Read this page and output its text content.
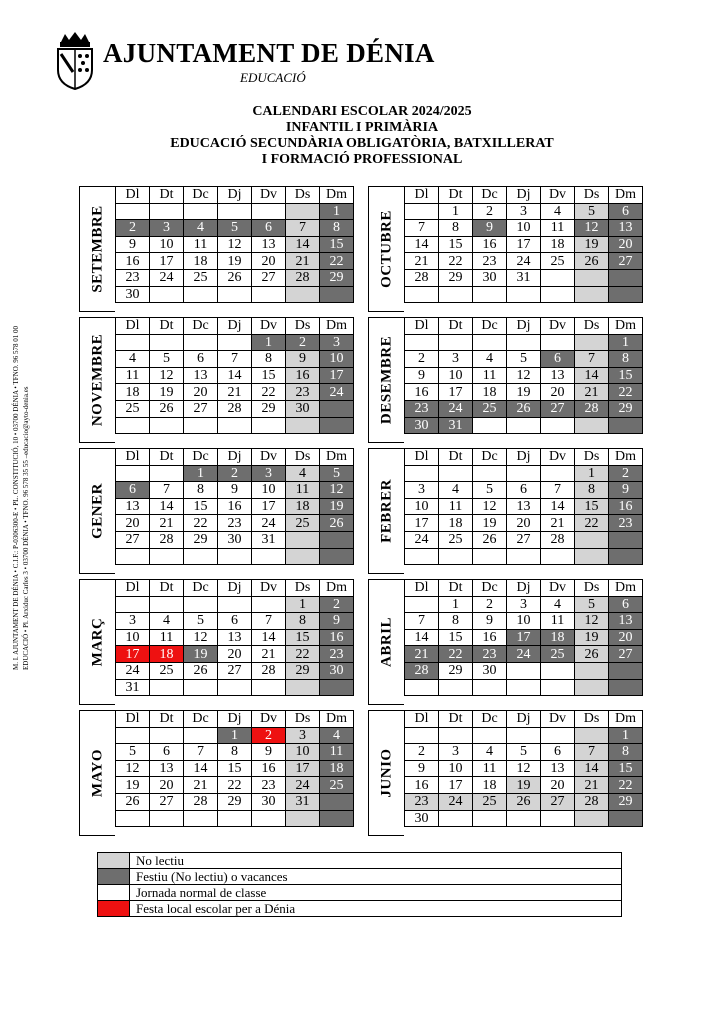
AJUNTAMENT DE DÉNIA
EDUCACIÓ
CALENDARI ESCOLAR 2024/2025
INFANTIL I PRIMÀRIA
EDUCACIÓ SECUNDÀRIA OBLIGATÒRIA, BATXILLERAT
I FORMACIÓ PROFESSIONAL
M. I. AJUNTAMENT DE DÉNIA • C.I.F.: P-0306300-E • PL. CONSTITUCIÓ, 10 • 03700 DÉNIA • TFNO. 96 578 01 00 EDUCACIÓ • Pl. Arxiduc Carles 3 • 03700 DÉNIA • TFNO. 96 578 35 55 –educacio@ayto-denia.es
SETEMBRE
Dl	Dt	Dc	Dj	Dv	Ds	Dm
						1
2	3	4	5	6	7	8
9	10	11	12	13	14	15
16	17	18	19	20	21	22
23	24	25	26	27	28	29
30						
OCTUBRE
Dl	Dt	Dc	Dj	Dv	Ds	Dm
	1	2	3	4	5	6
7	8	9	10	11	12	13
14	15	16	17	18	19	20
21	22	23	24	25	26	27
28	29	30	31			

NOVEMBRE
Dl	Dt	Dc	Dj	Dv	Ds	Dm
				1	2	3
4	5	6	7	8	9	10
11	12	13	14	15	16	17
18	19	20	21	22	23	24
25	26	27	28	29	30	
							DESEMBRE
Dl	Dt	Dc	Dj	Dv	Ds	Dm
						1
2	3	4	5	6	7	8
9	10	11	12	13	14	15
16	17	18	19	20	21	22
23	24	25	26	27	28	29
30	31					
GENER
Dl	Dt	Dc	Dj	Dv	Ds	Dm
		1	2	3	4	5
6	7	8	9	10	11	12
13	14	15	16	17	18	19
20	21	22	23	24	25	26
27	28	29	30	31		
							FEBRER
Dl	Dt	Dc	Dj	Dv	Ds	Dm
					1	2
3	4	5	6	7	8	9
10	11	12	13	14	15	16
17	18	19	20	21	22	23
24	25	26	27	28		

MARÇ
Dl	Dt	Dc	Dj	Dv	Ds	Dm
					1	2
3	4	5	6	7	8	9
10	11	12	13	14	15	16
17	18	19	20	21	22	23
24	25	26	27	28	29	30
31						
ABRIL
Dl	Dt	Dc	Dj	Dv	Ds	Dm
	1	2	3	4	5	6
7	8	9	10	11	12	13
14	15	16	17	18	19	20
21	22	23	24	25	26	27
28	29	30				

MAYO
Dl	Dt	Dc	Dj	Dv	Ds	Dm
			1	2	3	4
5	6	7	8	9	10	11
12	13	14	15	16	17	18
19	20	21	22	23	24	25
26	27	28	29	30	31	

JUNIO
Dl	Dt	Dc	Dj	Dv	Ds	Dm
						1
2	3	4	5	6	7	8
9	10	11	12	13	14	15
16	17	18	19	20	21	22
23	24	25	26	27	28	29
30						
	No lectiu
	Festiu (No lectiu) o vacances
	Jornada normal de classe
	Festa local escolar per a Dénia
